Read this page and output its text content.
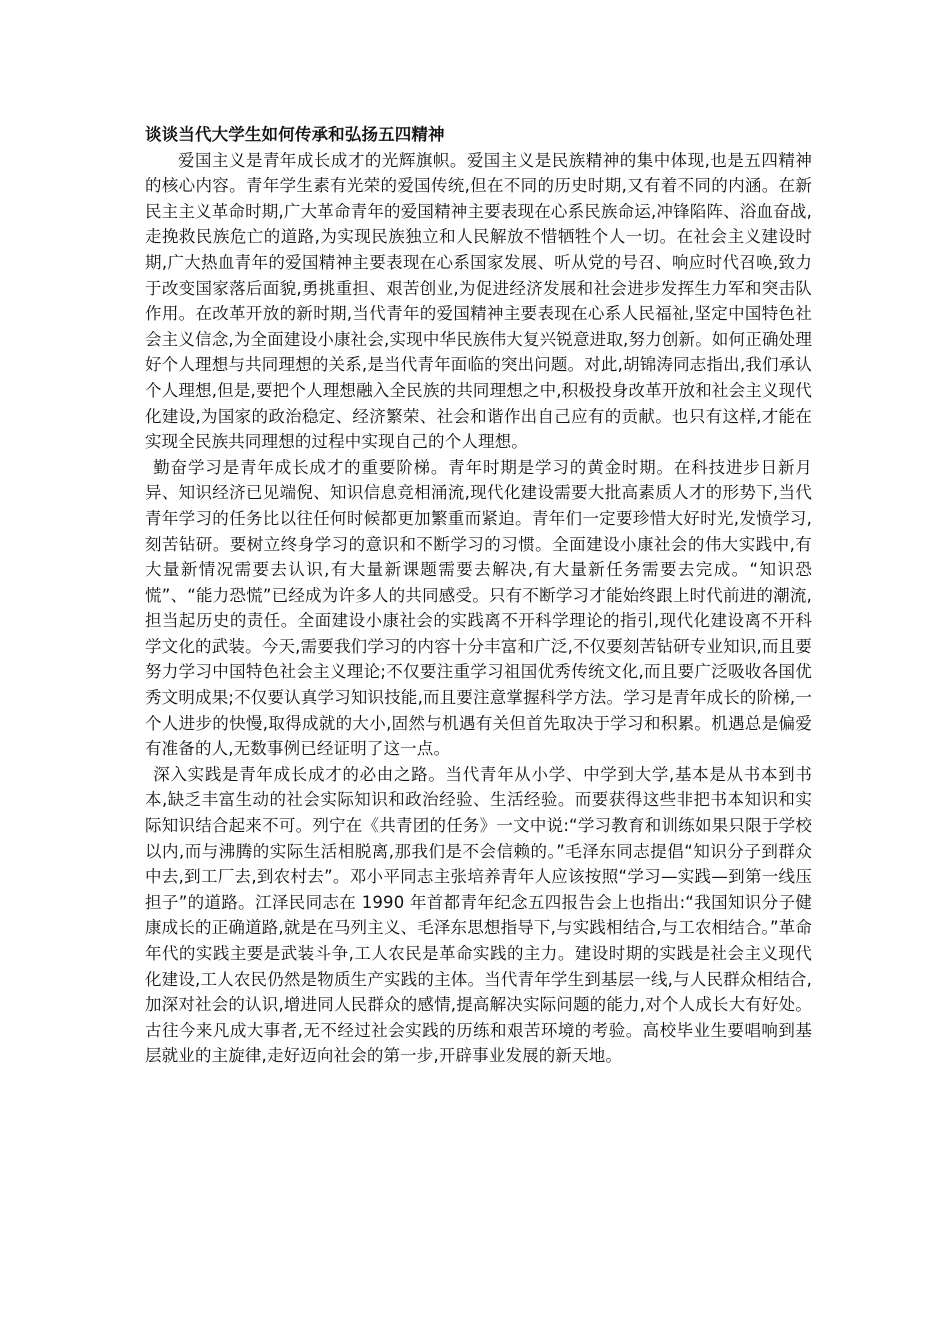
谈谈当代大学生如何传承和弘扬五四精神

爱国主义是青年成长成才的光辉旗帜。爱国主义是民族精神的集中体现,也是五四精神的核心内容。青年学生素有光荣的爱国传统,但在不同的历史时期,又有着不同的内涵。在新民主主义革命时期,广大革命青年的爱国精神主要表现在心系民族命运,冲锋陷阵、浴血奋战,走挽救民族危亡的道路,为实现民族独立和人民解放不惜牺牲个人一切。在社会主义建设时期,广大热血青年的爱国精神主要表现在心系国家发展、听从党的号召、响应时代召唤,致力于改变国家落后面貌,勇挑重担、艰苦创业,为促进经济发展和社会进步发挥生力军和突击队作用。在改革开放的新时期,当代青年的爱国精神主要表现在心系人民福祉,坚定中国特色社会主义信念,为全面建设小康社会,实现中华民族伟大复兴锐意进取,努力创新。如何正确处理好个人理想与共同理想的关系,是当代青年面临的突出问题。对此,胡锦涛同志指出,我们承认个人理想,但是,要把个人理想融入全民族的共同理想之中,积极投身改革开放和社会主义现代化建设,为国家的政治稳定、经济繁荣、社会和谐作出自己应有的贡献。也只有这样,才能在实现全民族共同理想的过程中实现自己的个人理想。

勤奋学习是青年成长成才的重要阶梯。青年时期是学习的黄金时期。在科技进步日新月异、知识经济已见端倪、知识信息竞相涌流,现代化建设需要大批高素质人才的形势下,当代青年学习的任务比以往任何时候都更加繁重而紧迫。青年们一定要珍惜大好时光,发愤学习,刻苦钻研。要树立终身学习的意识和不断学习的习惯。全面建设小康社会的伟大实践中,有大量新情况需要去认识,有大量新课题需要去解决,有大量新任务需要去完成。“知识恐慌”、“能力恐慌”已经成为许多人的共同感受。只有不断学习才能始终跟上时代前进的潮流,担当起历史的责任。全面建设小康社会的实践离不开科学理论的指引,现代化建设离不开科学文化的武装。今天,需要我们学习的内容十分丰富和广泛,不仅要刻苦钻研专业知识,而且要努力学习中国特色社会主义理论;不仅要注重学习祖国优秀传统文化,而且要广泛吸收各国优秀文明成果;不仅要认真学习知识技能,而且要注意掌握科学方法。学习是青年成长的阶梯,一个人进步的快慢,取得成就的大小,固然与机遇有关但首先取决于学习和积累。机遇总是偏爱有准备的人,无数事例已经证明了这一点。

深入实践是青年成长成才的必由之路。当代青年从小学、中学到大学,基本是从书本到书本,缺乏丰富生动的社会实际知识和政治经验、生活经验。而要获得这些非把书本知识和实际知识结合起来不可。列宁在《共青团的任务》一文中说:“学习教育和训练如果只限于学校以内,而与沸腾的实际生活相脱离,那我们是不会信赖的。”毛泽东同志提倡“知识分子到群众中去,到工厂去,到农村去”。邓小平同志主张培养青年人应该按照“学习—实践—到第一线压担子”的道路。江泽民同志在 1990 年首都青年纪念五四报告会上也指出:“我国知识分子健康成长的正确道路,就是在马列主义、毛泽东思想指导下,与实践相结合,与工农相结合。”革命年代的实践主要是武装斗争,工人农民是革命实践的主力。建设时期的实践是社会主义现代化建设,工人农民仍然是物质生产实践的主体。当代青年学生到基层一线,与人民群众相结合,加深对社会的认识,增进同人民群众的感情,提高解决实际问题的能力,对个人成长大有好处。古往今来凡成大事者,无不经过社会实践的历练和艰苦环境的考验。高校毕业生要唱响到基层就业的主旋律,走好迈向社会的第一步,开辟事业发展的新天地。
